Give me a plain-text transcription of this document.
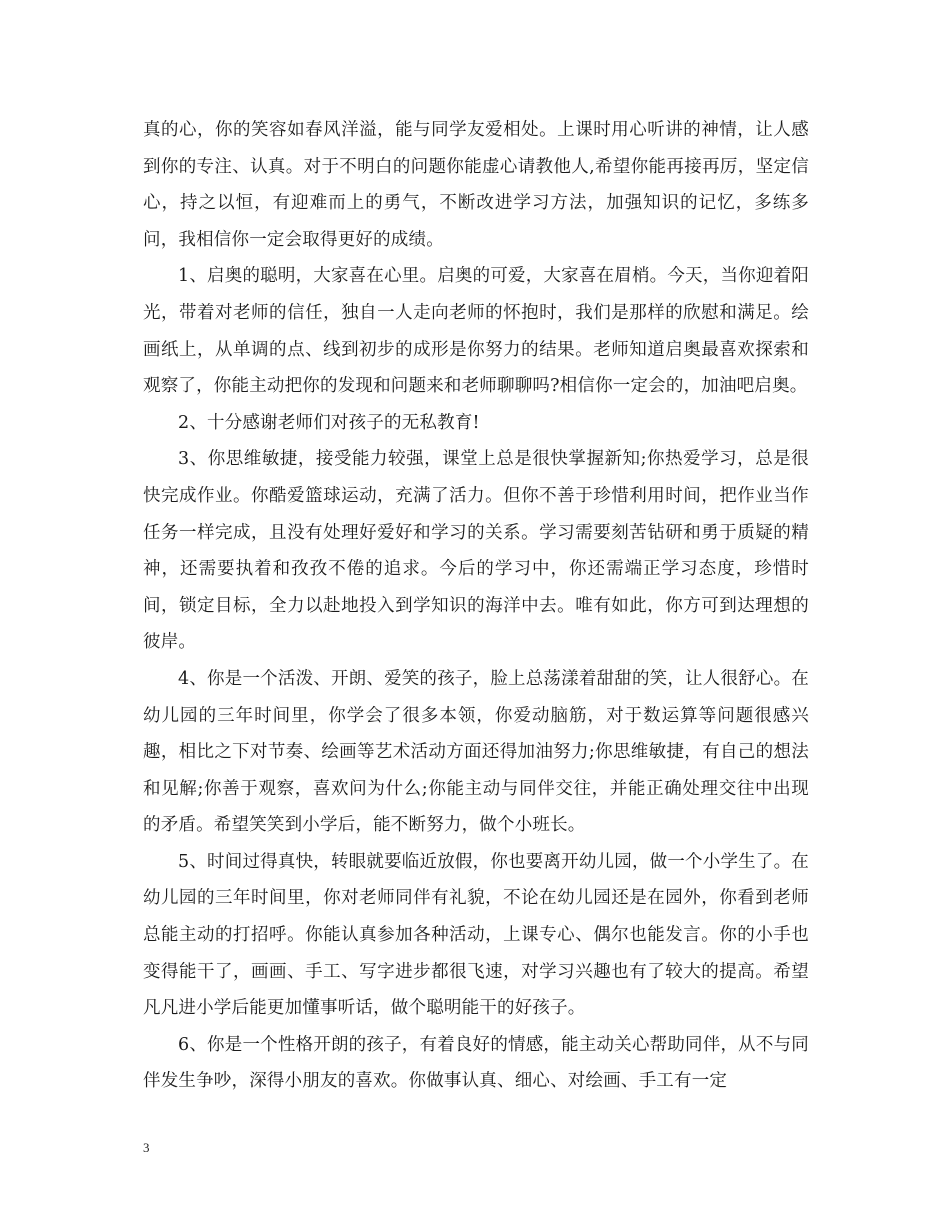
真的心，你的笑容如春风洋溢，能与同学友爱相处。上课时用心听讲的神情，让人感到你的专注、认真。对于不明白的问题你能虚心请教他人,希望你能再接再厉，坚定信心，持之以恒，有迎难而上的勇气，不断改进学习方法，加强知识的记忆，多练多问，我相信你一定会取得更好的成绩。

1、启奥的聪明，大家喜在心里。启奥的可爱，大家喜在眉梢。今天，当你迎着阳光，带着对老师的信任，独自一人走向老师的怀抱时，我们是那样的欣慰和满足。绘画纸上，从单调的点、线到初步的成形是你努力的结果。老师知道启奥最喜欢探索和观察了，你能主动把你的发现和问题来和老师聊聊吗?相信你一定会的，加油吧启奥。

2、十分感谢老师们对孩子的无私教育!

3、你思维敏捷，接受能力较强，课堂上总是很快掌握新知;你热爱学习，总是很快完成作业。你酷爱篮球运动，充满了活力。但你不善于珍惜利用时间，把作业当作任务一样完成，且没有处理好爱好和学习的关系。学习需要刻苦钻研和勇于质疑的精神，还需要执着和孜孜不倦的追求。今后的学习中，你还需端正学习态度，珍惜时间，锁定目标，全力以赴地投入到学知识的海洋中去。唯有如此，你方可到达理想的彼岸。

4、你是一个活泼、开朗、爱笑的孩子，脸上总荡漾着甜甜的笑，让人很舒心。在幼儿园的三年时间里，你学会了很多本领，你爱动脑筋，对于数运算等问题很感兴趣，相比之下对节奏、绘画等艺术活动方面还得加油努力;你思维敏捷，有自己的想法和见解;你善于观察，喜欢问为什么;你能主动与同伴交往，并能正确处理交往中出现的矛盾。希望笑笑到小学后，能不断努力，做个小班长。

5、时间过得真快，转眼就要临近放假，你也要离开幼儿园，做一个小学生了。在幼儿园的三年时间里，你对老师同伴有礼貌，不论在幼儿园还是在园外，你看到老师总能主动的打招呼。你能认真参加各种活动，上课专心、偶尔也能发言。你的小手也变得能干了，画画、手工、写字进步都很飞速，对学习兴趣也有了较大的提高。希望凡凡进小学后能更加懂事听话，做个聪明能干的好孩子。

6、你是一个性格开朗的孩子，有着良好的情感，能主动关心帮助同伴，从不与同伴发生争吵，深得小朋友的喜欢。你做事认真、细心、对绘画、手工有一定

3
